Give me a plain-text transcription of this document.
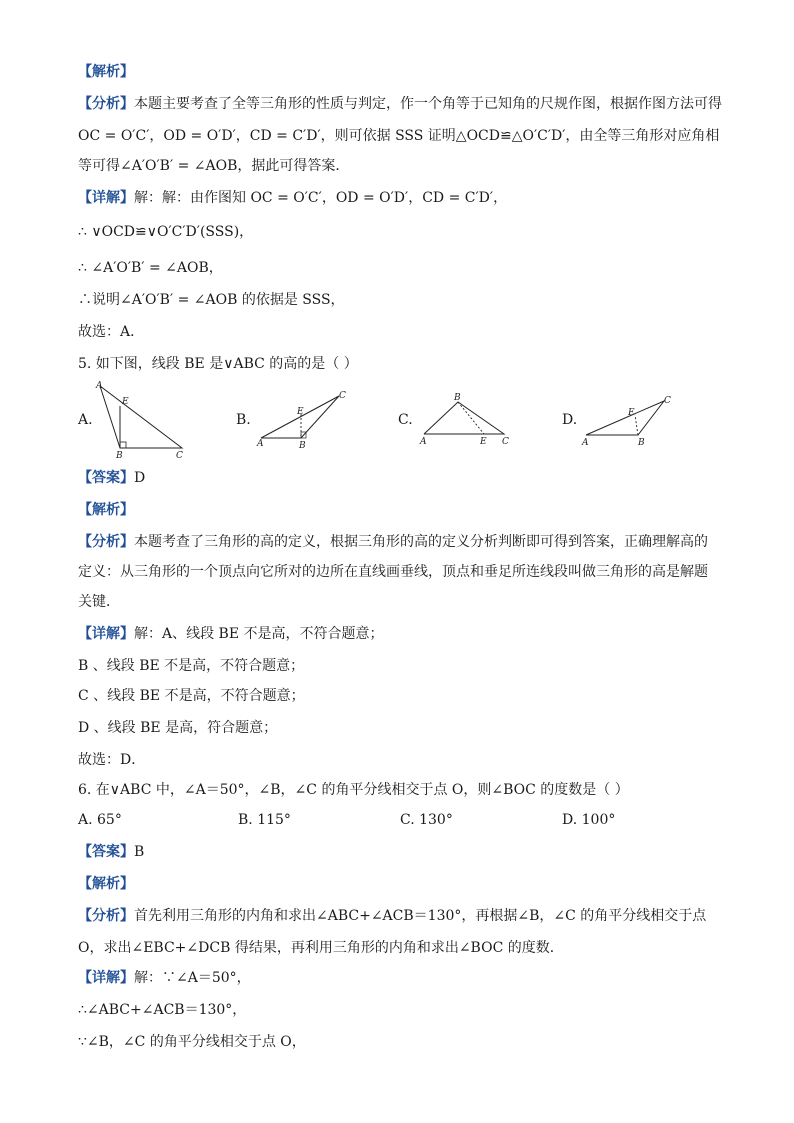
【解析】
【分析】本题主要考查了全等三角形的性质与判定，作一个角等于已知角的尺规作图，根据作图方法可得
OC = O′C′，OD = O′D′，CD = C′D′，则可依据 SSS 证明△OCD≌△O′C′D′，由全等三角形对应角相
等可得∠A′O′B′ = ∠AOB，据此可得答案．
【详解】解：解：由作图知 OC = O′C′，OD = O′D′，CD = C′D′，
∴ ∨OCD≌∨O′C′D′(SSS)，
∴ ∠A′O′B′ = ∠AOB，
∴说明∠A′O′B′ = ∠AOB 的依据是 SSS，
故选：A．
5. 如下图，线段 BE 是∨ABC 的高的是（ ）
A.
A
E
B	C
B.
C
E
A	B
C.
B
A	E C
D.	E
C
A	B
【答案】D
【解析】
【分析】本题考查了三角形的高的定义，根据三角形的高的定义分析判断即可得到答案，正确理解高的
定义：从三角形的一个顶点向它所对的边所在直线画垂线，顶点和垂足所连线段叫做三角形的高是解题
关键．
【详解】解：A、线段 BE 不是高，不符合题意；
B 、线段 BE 不是高，不符合题意；
C 、线段 BE 不是高，不符合题意；
D 、线段 BE 是高，符合题意；
故选：D．
6. 在∨ABC 中，∠A＝50°，∠B，∠C 的角平分线相交于点 O，则∠BOC 的度数是（ ）
A. 65°	B. 115°	C. 130°	D. 100°
【答案】B
【解析】
【分析】首先利用三角形的内角和求出∠ABC+∠ACB＝130°，再根据∠B，∠C 的角平分线相交于点
O，求出∠EBC+∠DCB 得结果，再利用三角形的内角和求出∠BOC 的度数．
【详解】解：∵∠A＝50°，
∴∠ABC+∠ACB＝130°，
∵∠B，∠C 的角平分线相交于点 O，
